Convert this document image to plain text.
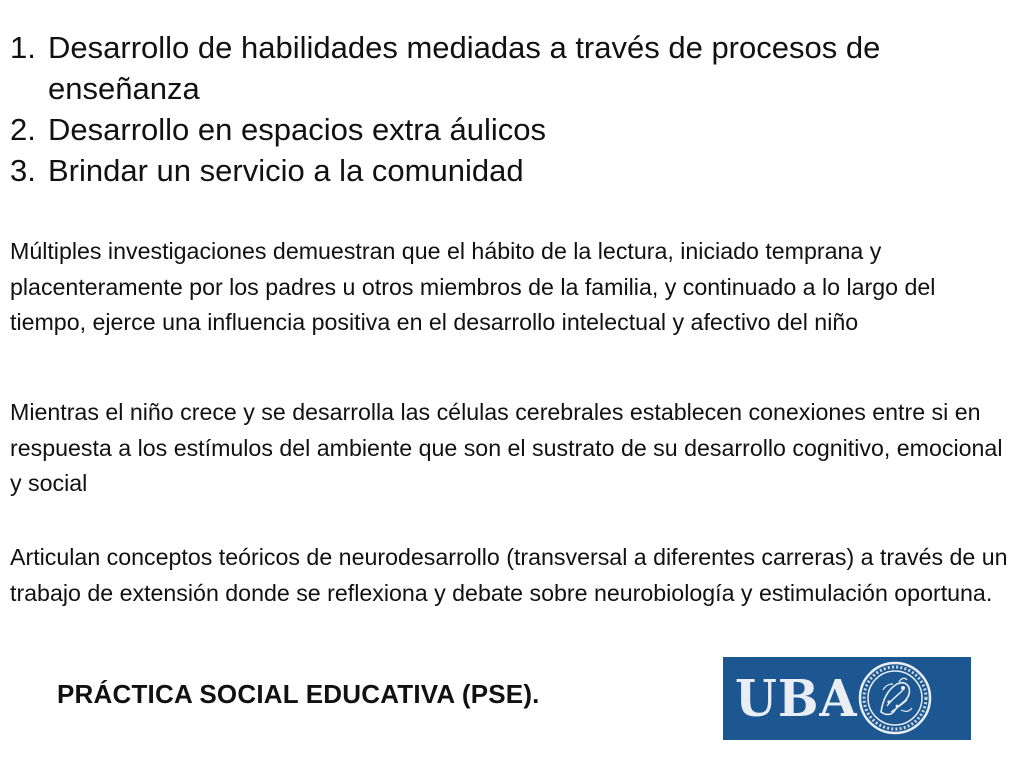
1. Desarrollo de habilidades mediadas a través de procesos de enseñanza
2. Desarrollo en espacios extra áulicos
3. Brindar un servicio a la comunidad

Múltiples investigaciones demuestran que el hábito de la lectura, iniciado temprana y placenteramente por los padres u otros miembros de la familia, y continuado a lo largo del tiempo, ejerce una influencia positiva en el desarrollo intelectual y afectivo del niño

Mientras el niño crece y se desarrolla las células cerebrales establecen conexiones entre si en respuesta a los estímulos del ambiente que son el sustrato de su desarrollo cognitivo, emocional y social

Articulan conceptos teóricos de neurodesarrollo (transversal a diferentes carreras) a través de un trabajo de extensión donde se reflexiona y debate sobre neurobiología y estimulación oportuna.

PRÁCTICA SOCIAL EDUCATIVA (PSE).	UBA
